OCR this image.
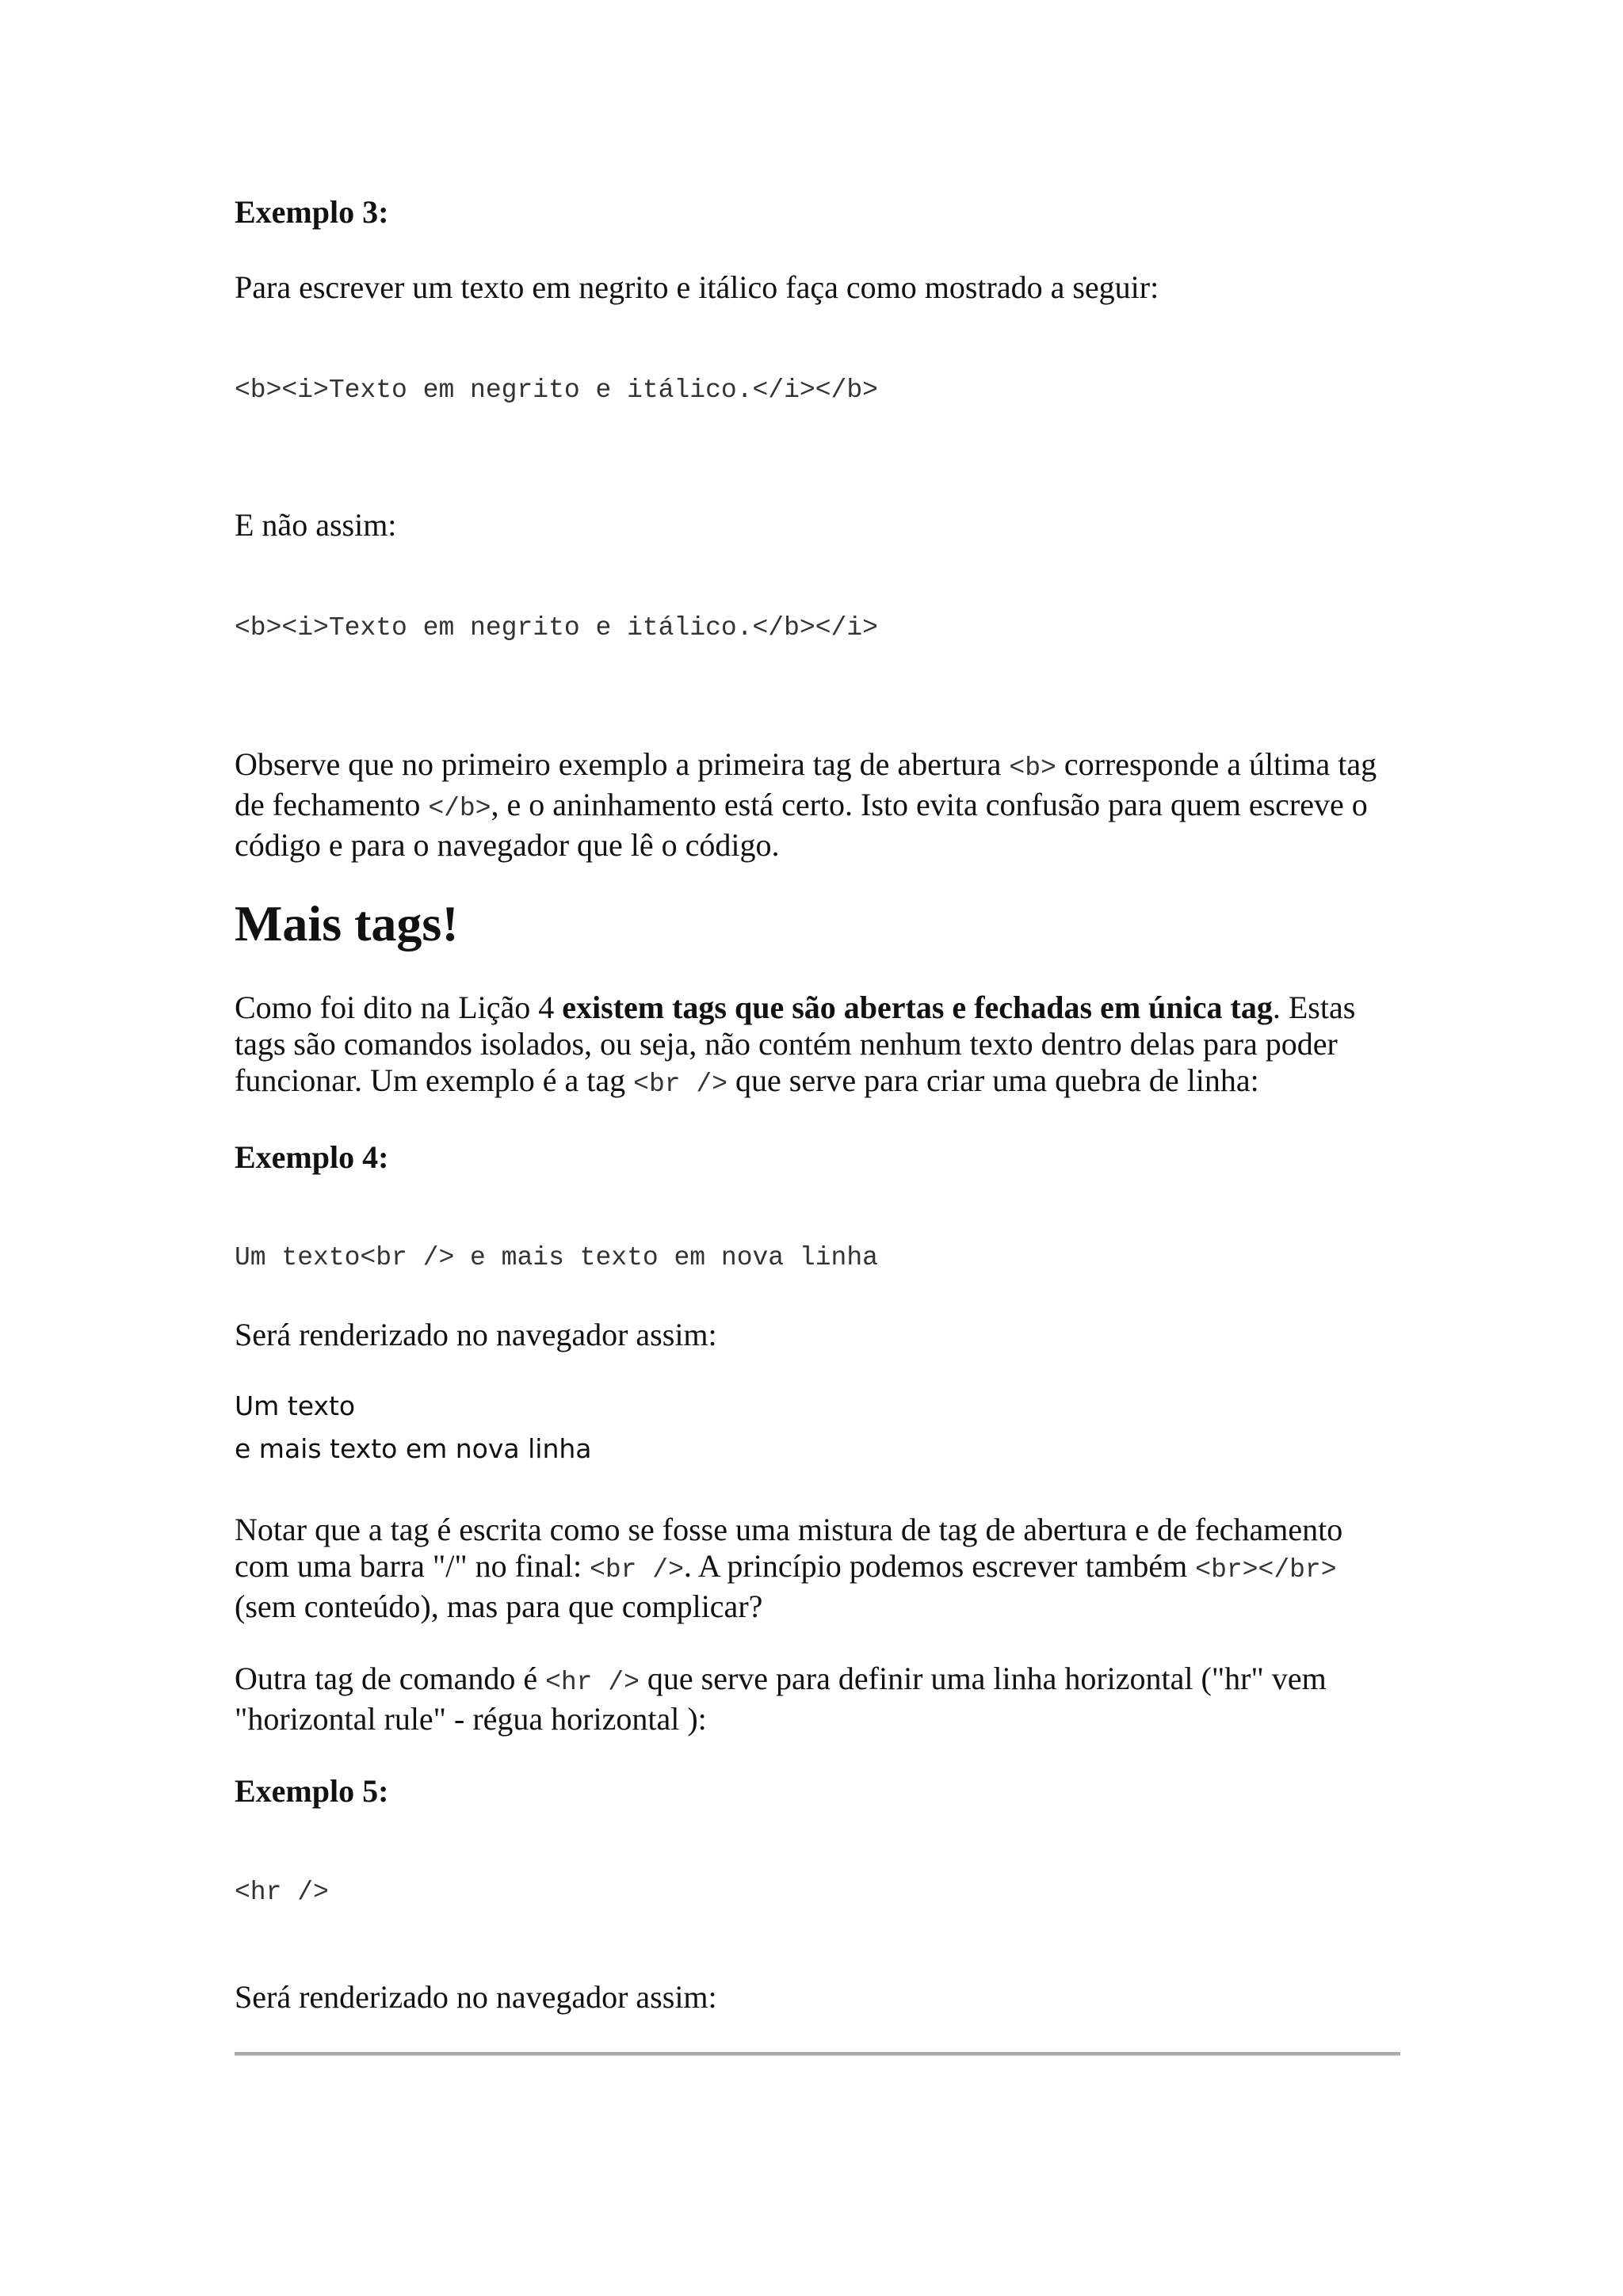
Exemplo 3:

Para escrever um texto em negrito e itálico faça como mostrado a seguir:

<b><i>Texto em negrito e itálico.</i></b>

E não assim:

<b><i>Texto em negrito e itálico.</b></i>

Observe que no primeiro exemplo a primeira tag de abertura <b> corresponde a última tag de fechamento </b>, e o aninhamento está certo. Isto evita confusão para quem escreve o código e para o navegador que lê o código.

Mais tags!

Como foi dito na Lição 4 existem tags que são abertas e fechadas em única tag. Estas tags são comandos isolados, ou seja, não contém nenhum texto dentro delas para poder funcionar. Um exemplo é a tag <br /> que serve para criar uma quebra de linha:

Exemplo 4:

Um texto<br /> e mais texto em nova linha

Será renderizado no navegador assim:

Um texto
e mais texto em nova linha

Notar que a tag é escrita como se fosse uma mistura de tag de abertura e de fechamento com uma barra "/" no final: <br />. A princípio podemos escrever também <br></br> (sem conteúdo), mas para que complicar?

Outra tag de comando é <hr /> que serve para definir uma linha horizontal ("hr" vem "horizontal rule" - régua horizontal ):

Exemplo 5:

<hr />

Será renderizado no navegador assim:
